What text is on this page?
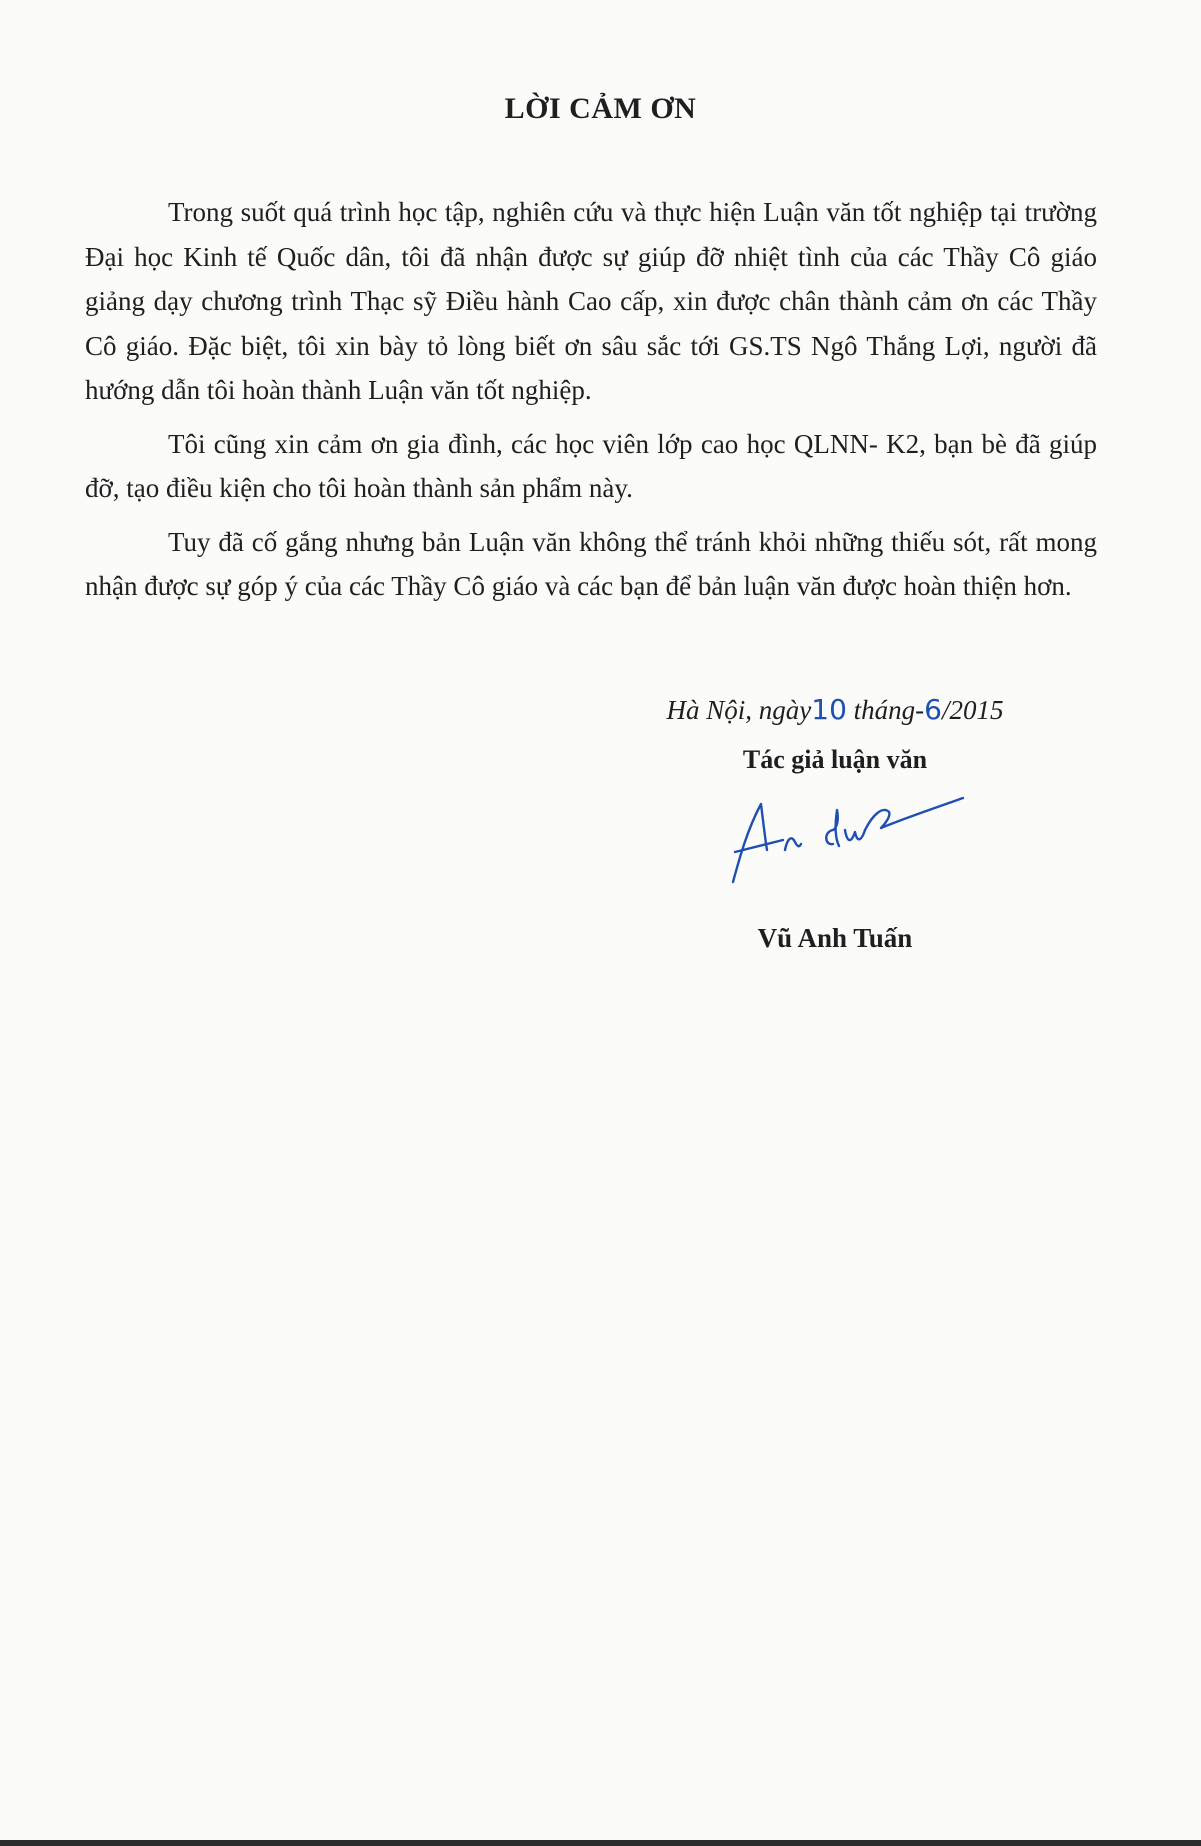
LỜI CẢM ƠN

Trong suốt quá trình học tập, nghiên cứu và thực hiện Luận văn tốt nghiệp tại trường Đại học Kinh tế Quốc dân, tôi đã nhận được sự giúp đỡ nhiệt tình của các Thầy Cô giáo giảng dạy chương trình Thạc sỹ Điều hành Cao cấp, xin được chân thành cảm ơn các Thầy Cô giáo. Đặc biệt, tôi xin bày tỏ lòng biết ơn sâu sắc tới GS.TS Ngô Thắng Lợi, người đã hướng dẫn tôi hoàn thành Luận văn tốt nghiệp.

Tôi cũng xin cảm ơn gia đình, các học viên lớp cao học QLNN- K2, bạn bè đã giúp đỡ, tạo điều kiện cho tôi hoàn thành sản phẩm này.

Tuy đã cố gắng nhưng bản Luận văn không thể tránh khỏi những thiếu sót, rất mong nhận được sự góp ý của các Thầy Cô giáo và các bạn để bản luận văn được hoàn thiện hơn.

Hà Nội, ngày10 tháng-6/2015
Tác giả luận văn
Vũ Anh Tuấn
